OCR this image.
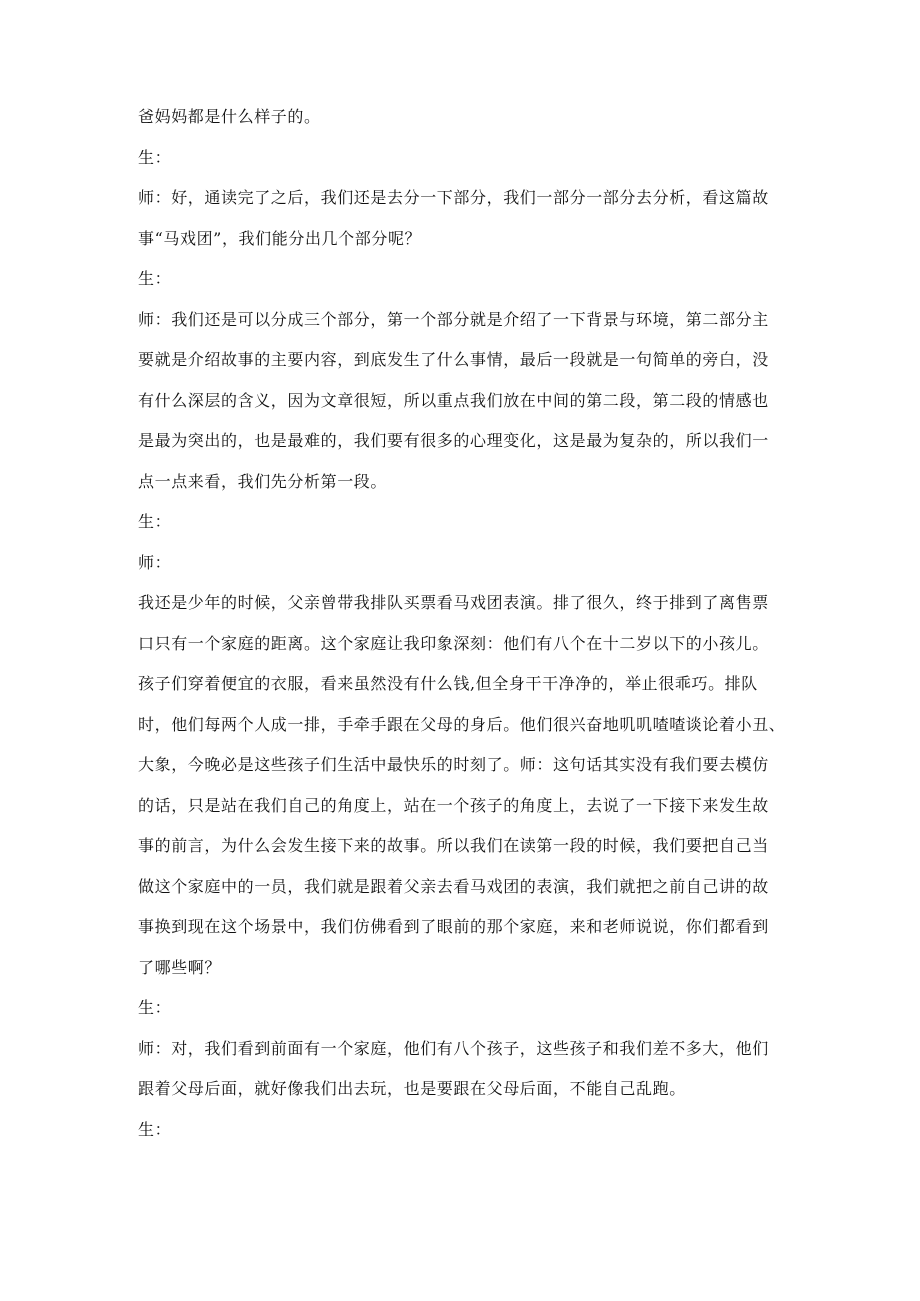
爸妈妈都是什么样子的。
生：
师：好，通读完了之后，我们还是去分一下部分，我们一部分一部分去分析，看这篇故
事“马戏团”，我们能分出几个部分呢？
生：
师：我们还是可以分成三个部分，第一个部分就是介绍了一下背景与环境，第二部分主
要就是介绍故事的主要内容，到底发生了什么事情，最后一段就是一句简单的旁白，没
有什么深层的含义，因为文章很短，所以重点我们放在中间的第二段，第二段的情感也
是最为突出的，也是最难的，我们要有很多的心理变化，这是最为复杂的，所以我们一
点一点来看，我们先分析第一段。
生：
师：
我还是少年的时候，父亲曾带我排队买票看马戏团表演。排了很久，终于排到了离售票
口只有一个家庭的距离。这个家庭让我印象深刻：他们有八个在十二岁以下的小孩儿。
孩子们穿着便宜的衣服，看来虽然没有什么钱,但全身干干净净的，举止很乖巧。排队
时，他们每两个人成一排，手牵手跟在父母的身后。他们很兴奋地叽叽喳喳谈论着小丑、
大象，今晚必是这些孩子们生活中最快乐的时刻了。师：这句话其实没有我们要去模仿
的话，只是站在我们自己的角度上，站在一个孩子的角度上，去说了一下接下来发生故
事的前言，为什么会发生接下来的故事。所以我们在读第一段的时候，我们要把自己当
做这个家庭中的一员，我们就是跟着父亲去看马戏团的表演，我们就把之前自己讲的故
事换到现在这个场景中，我们仿佛看到了眼前的那个家庭，来和老师说说，你们都看到
了哪些啊？
生：
师：对，我们看到前面有一个家庭，他们有八个孩子，这些孩子和我们差不多大，他们
跟着父母后面，就好像我们出去玩，也是要跟在父母后面，不能自己乱跑。
生：
